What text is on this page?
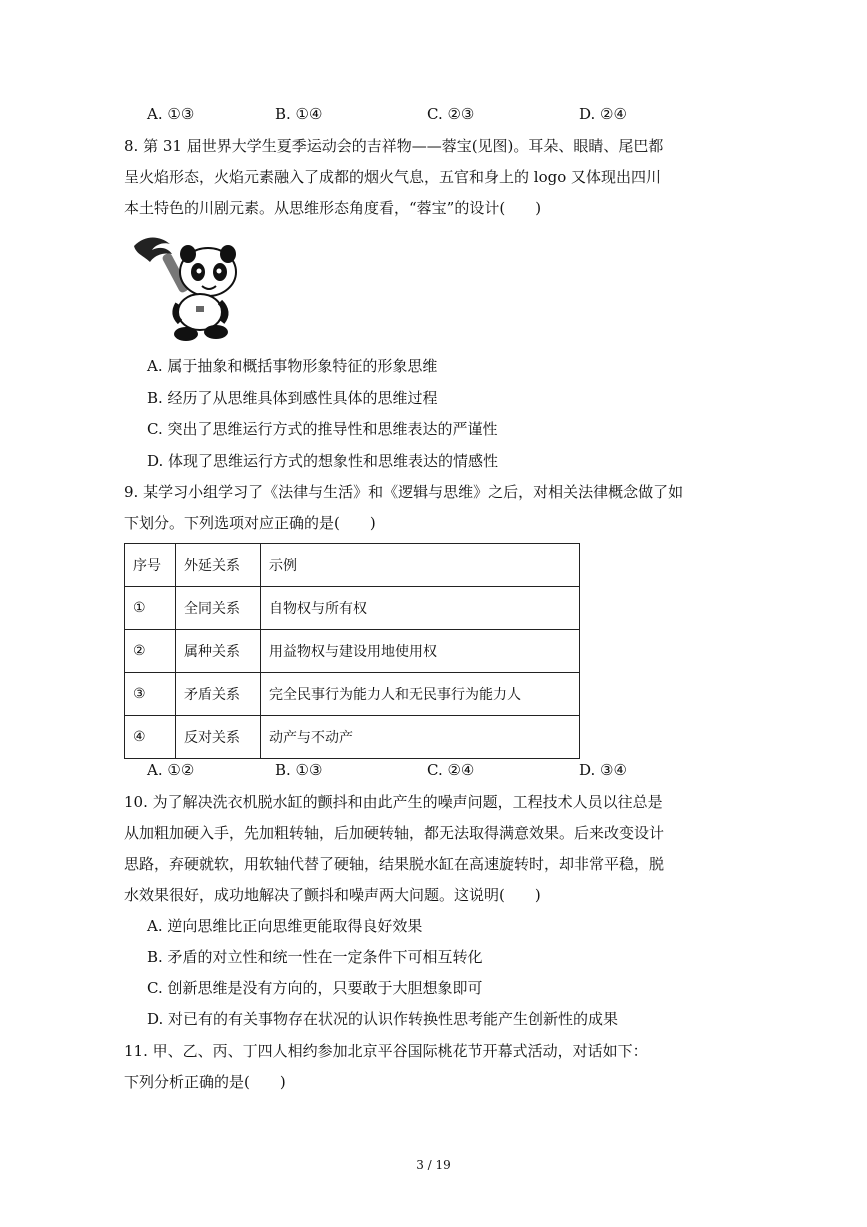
A. ①③	B. ①④	C. ②③	D. ②④
8. 第 31 届世界大学生夏季运动会的吉祥物——蓉宝(见图)。耳朵、眼睛、尾巴都
呈火焰形态，火焰元素融入了成都的烟火气息，五官和身上的 logo 又体现出四川
本土特色的川剧元素。从思维形态角度看，“蓉宝”的设计(　　)
A. 属于抽象和概括事物形象特征的形象思维
B. 经历了从思维具体到感性具体的思维过程
C. 突出了思维运行方式的推导性和思维表达的严谨性
D. 体现了思维运行方式的想象性和思维表达的情感性
9. 某学习小组学习了《法律与生活》和《逻辑与思维》之后，对相关法律概念做了如
下划分。下列选项对应正确的是(　　)
序号	外延关系	示例
①	全同关系	自物权与所有权
②	属种关系	用益物权与建设用地使用权
③	矛盾关系	完全民事行为能力人和无民事行为能力人
④	反对关系	动产与不动产
A. ①②	B. ①③	C. ②④	D. ③④
10. 为了解决洗衣机脱水缸的颤抖和由此产生的噪声问题，工程技术人员以往总是
从加粗加硬入手，先加粗转轴，后加硬转轴，都无法取得满意效果。后来改变设计
思路，弃硬就软，用软轴代替了硬轴，结果脱水缸在高速旋转时，却非常平稳，脱
水效果很好，成功地解决了颤抖和噪声两大问题。这说明(　　)
A. 逆向思维比正向思维更能取得良好效果
B. 矛盾的对立性和统一性在一定条件下可相互转化
C. 创新思维是没有方向的，只要敢于大胆想象即可
D. 对已有的有关事物存在状况的认识作转换性思考能产生创新性的成果
11. 甲、乙、丙、丁四人相约参加北京平谷国际桃花节开幕式活动，对话如下：
下列分析正确的是(　　)
3 / 19
